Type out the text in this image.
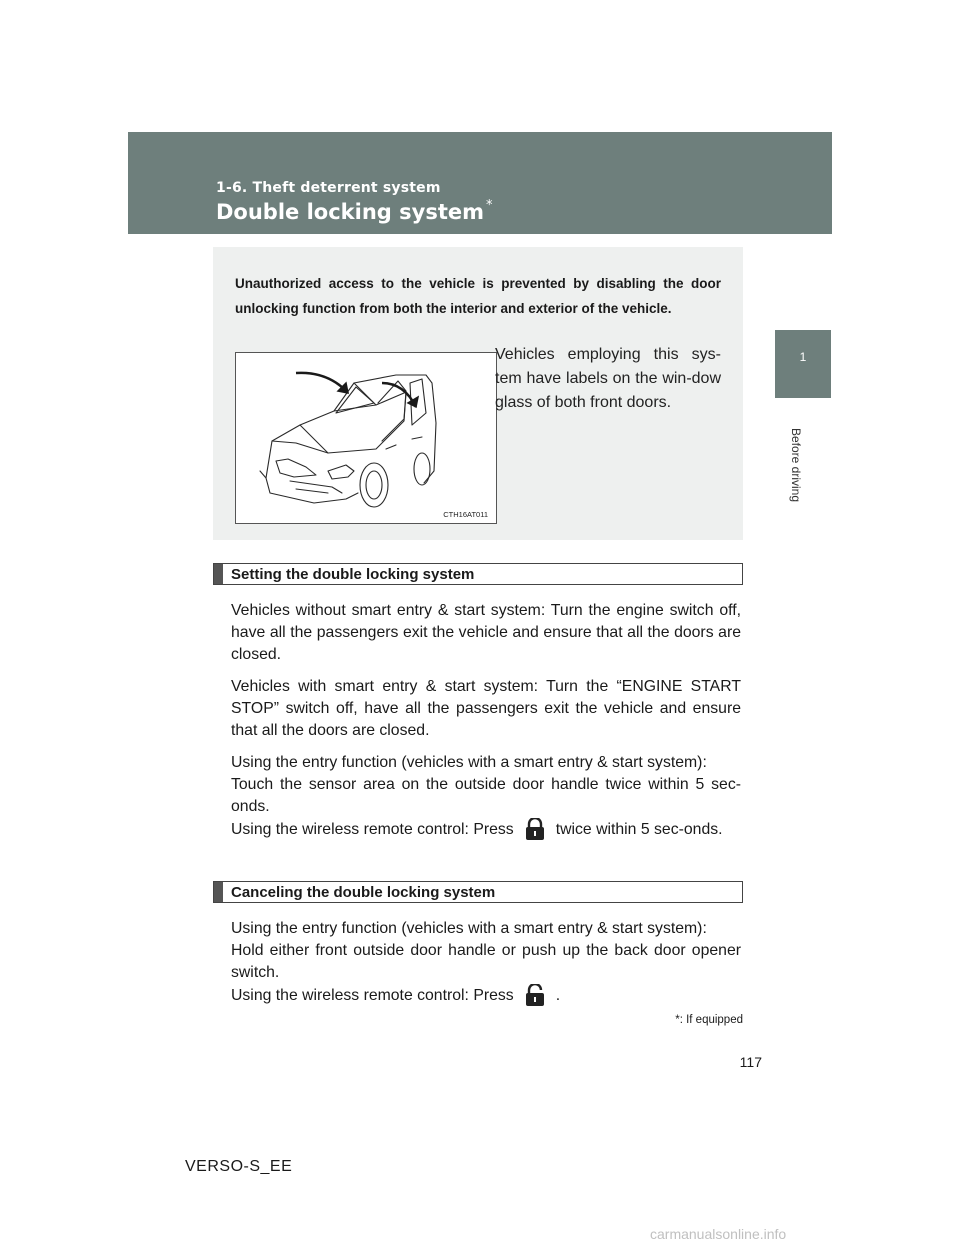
1-6. Theft deterrent system
Double locking system *
1
Before driving
Unauthorized access to the vehicle is prevented by disabling the door unlocking function from both the interior and exterior of the vehicle.
CTH16AT011
Vehicles employing this sys-tem have labels on the win-dow glass of both front doors.
Setting the double locking system
Vehicles without smart entry & start system: Turn the engine switch off, have all the passengers exit the vehicle and ensure that all the doors are closed.
Vehicles with smart entry & start system: Turn the “ENGINE START STOP” switch off, have all the passengers exit the vehicle and ensure that all the doors are closed.
Using the entry function (vehicles with a smart entry & start system):
Touch the sensor area on the outside door handle twice within 5 sec-onds.
Using the wireless remote control: Press	twice within 5 sec-onds.
Canceling the double locking system
Using the entry function (vehicles with a smart entry & start system):
Hold either front outside door handle or push up the back door opener switch.
Using the wireless remote control: Press	.
*: If equipped
117
VERSO-S_EE
carmanualsonline.info
